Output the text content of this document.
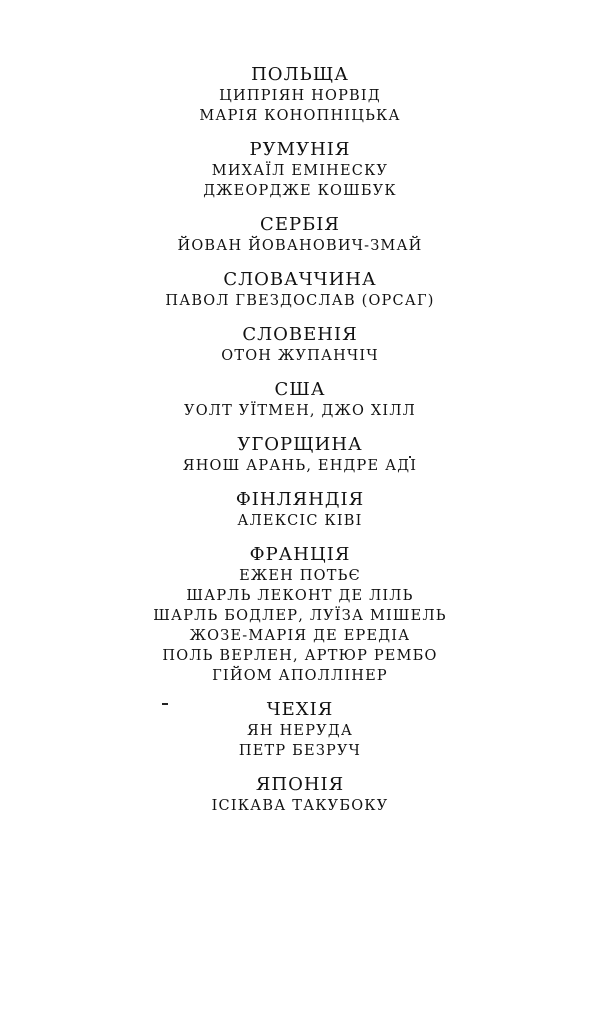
ПОЛЬЩА
ЦИПРІЯН НОРВІД
МАРІЯ КОНОПНІЦЬКА
РУМУНІЯ
МИХАЇЛ ЕМІНЕСКУ
ДЖЕОРДЖЕ КОШБУК
СЕРБІЯ
ЙОВАН ЙОВАНОВИЧ-ЗМАЙ
СЛОВАЧЧИНА
ПАВОЛ ГВЕЗДОСЛАВ (ОРСАГ)
СЛОВЕНІЯ
ОТОН ЖУПАНЧІЧ
США
УОЛТ УЇТМЕН, ДЖО ХІЛЛ
УГОРЩИНА
ЯНОШ АРАНЬ, ЕНДРЕ АДІ
ФІНЛЯНДІЯ
АЛЕКСІС КІВІ
ФРАНЦІЯ
ЕЖЕН ПОТЬЄ
ШАРЛЬ ЛЕКОНТ ДЕ ЛІЛЬ
ШАРЛЬ БОДЛЕР, ЛУЇЗА МІШЕЛЬ
ЖОЗЕ-МАРІЯ ДЕ ЕРЕДІА
ПОЛЬ ВЕРЛЕН, АРТЮР РЕМБО
ГІЙОМ АПОЛЛІНЕР
ЧЕХІЯ
ЯН НЕРУДА
ПЕТР БЕЗРУЧ
ЯПОНІЯ
ІСІКАВА ТАКУБОКУ
